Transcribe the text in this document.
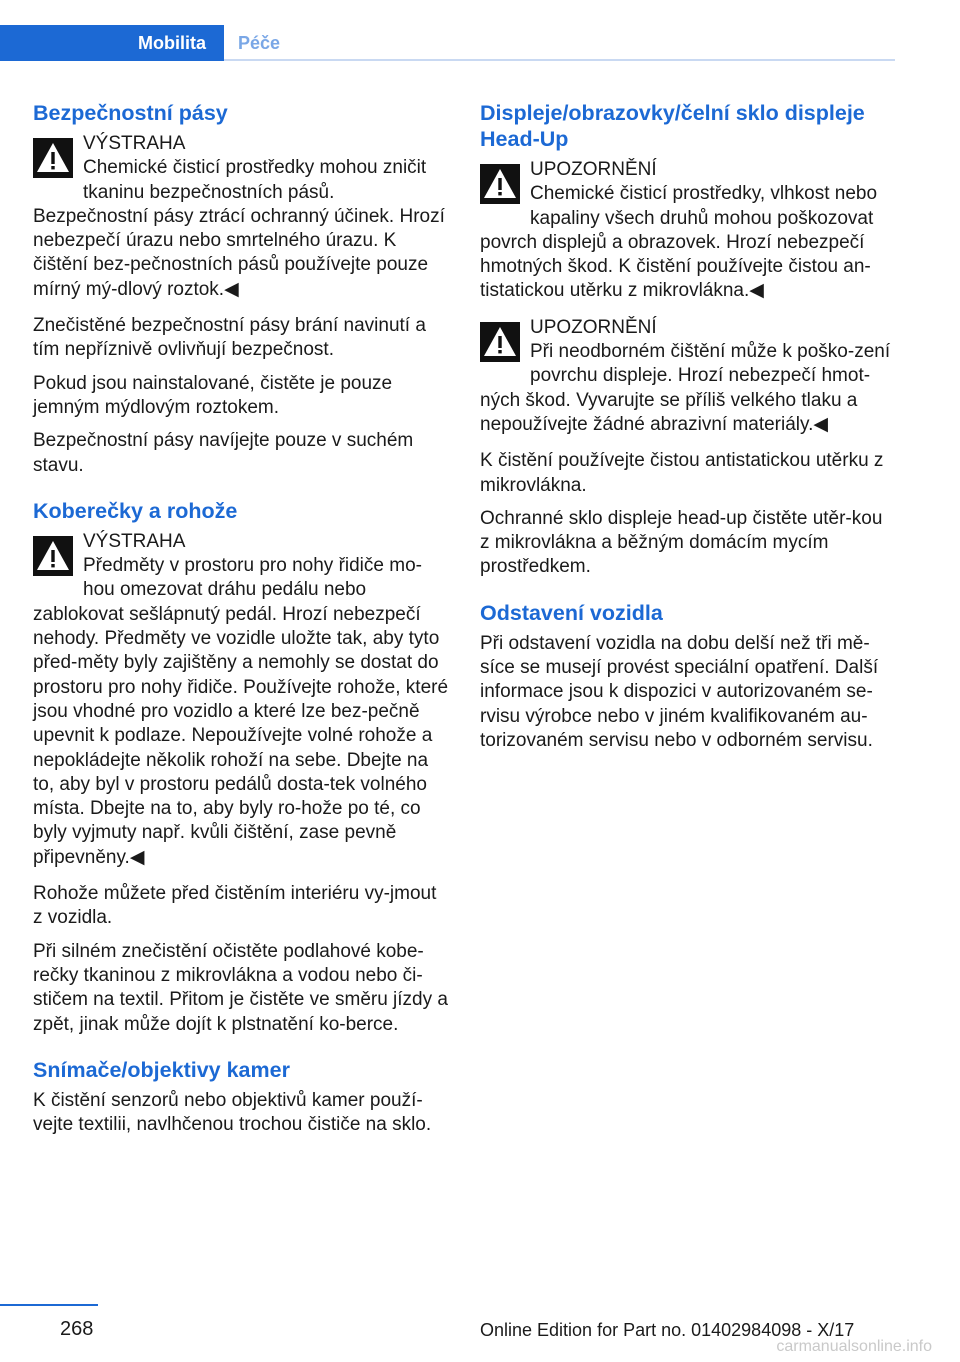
Mobilita Péče
Bezpečnostní pásy
VÝSTRAHA
Chemické čisticí prostředky mohou zničit tkaninu bezpečnostních pásů. Bezpečnostní pásy ztrácí ochranný účinek. Hrozí nebezpečí úrazu nebo smrtelného úrazu. K čištění bez‐pečnostních pásů používejte pouze mírný mý‐dlový roztok.◀
Znečistěné bezpečnostní pásy brání navinutí a tím nepříznivě ovlivňují bezpečnost.
Pokud jsou nainstalované, čistěte je pouze jemným mýdlovým roztokem.
Bezpečnostní pásy navíjejte pouze v suchém stavu.
Koberečky a rohože
VÝSTRAHA
Předměty v prostoru pro nohy řidiče mo‐hou omezovat dráhu pedálu nebo zablokovat sešlápnutý pedál. Hrozí nebezpečí nehody. Předměty ve vozidle uložte tak, aby tyto před‐měty byly zajištěny a nemohly se dostat do prostoru pro nohy řidiče. Používejte rohože, které jsou vhodné pro vozidlo a které lze bez‐pečně upevnit k podlaze. Nepoužívejte volné rohože a nepokládejte několik rohoží na sebe. Dbejte na to, aby byl v prostoru pedálů dosta‐tek volného místa. Dbejte na to, aby byly ro‐hože po té, co byly vyjmuty např. kvůli čištění, zase pevně připevněny.◀
Rohože můžete před čistěním interiéru vy‐jmout z vozidla.
Při silném znečistění očistěte podlahové kobe‐rečky tkaninou z mikrovlákna a vodou nebo či‐stičem na textil. Přitom je čistěte ve směru jízdy a zpět, jinak může dojít k plstnatění ko‐berce.
Snímače/objektivy kamer
K čistění senzorů nebo objektivů kamer použí‐vejte textilii, navlhčenou trochou čističe na sklo.
Displeje/obrazovky/čelní sklo displeje Head-Up
UPOZORNĚNÍ
Chemické čisticí prostředky, vlhkost nebo kapaliny všech druhů mohou poškozovat povrch displejů a obrazovek. Hrozí nebezpečí hmotných škod. K čistění používejte čistou an‐tistatickou utěrku z mikrovlákna.◀
UPOZORNĚNÍ
Při neodborném čištění může k poško‐zení povrchu displeje. Hrozí nebezpečí hmot‐ných škod. Vyvarujte se příliš velkého tlaku a nepoužívejte žádné abrazivní materiály.◀
K čistění používejte čistou antistatickou utěrku z mikrovlákna.
Ochranné sklo displeje head-up čistěte utěr‐kou z mikrovlákna a běžným domácím mycím prostředkem.
Odstavení vozidla
Při odstavení vozidla na dobu delší než tři mě‐síce se musejí provést speciální opatření. Další informace jsou k dispozici v autorizovaném se‐rvisu výrobce nebo v jiném kvalifikovaném au‐torizovaném servisu nebo v odborném servisu.
268	Online Edition for Part no. 01402984098 - X/17
carmanualsonline.info
